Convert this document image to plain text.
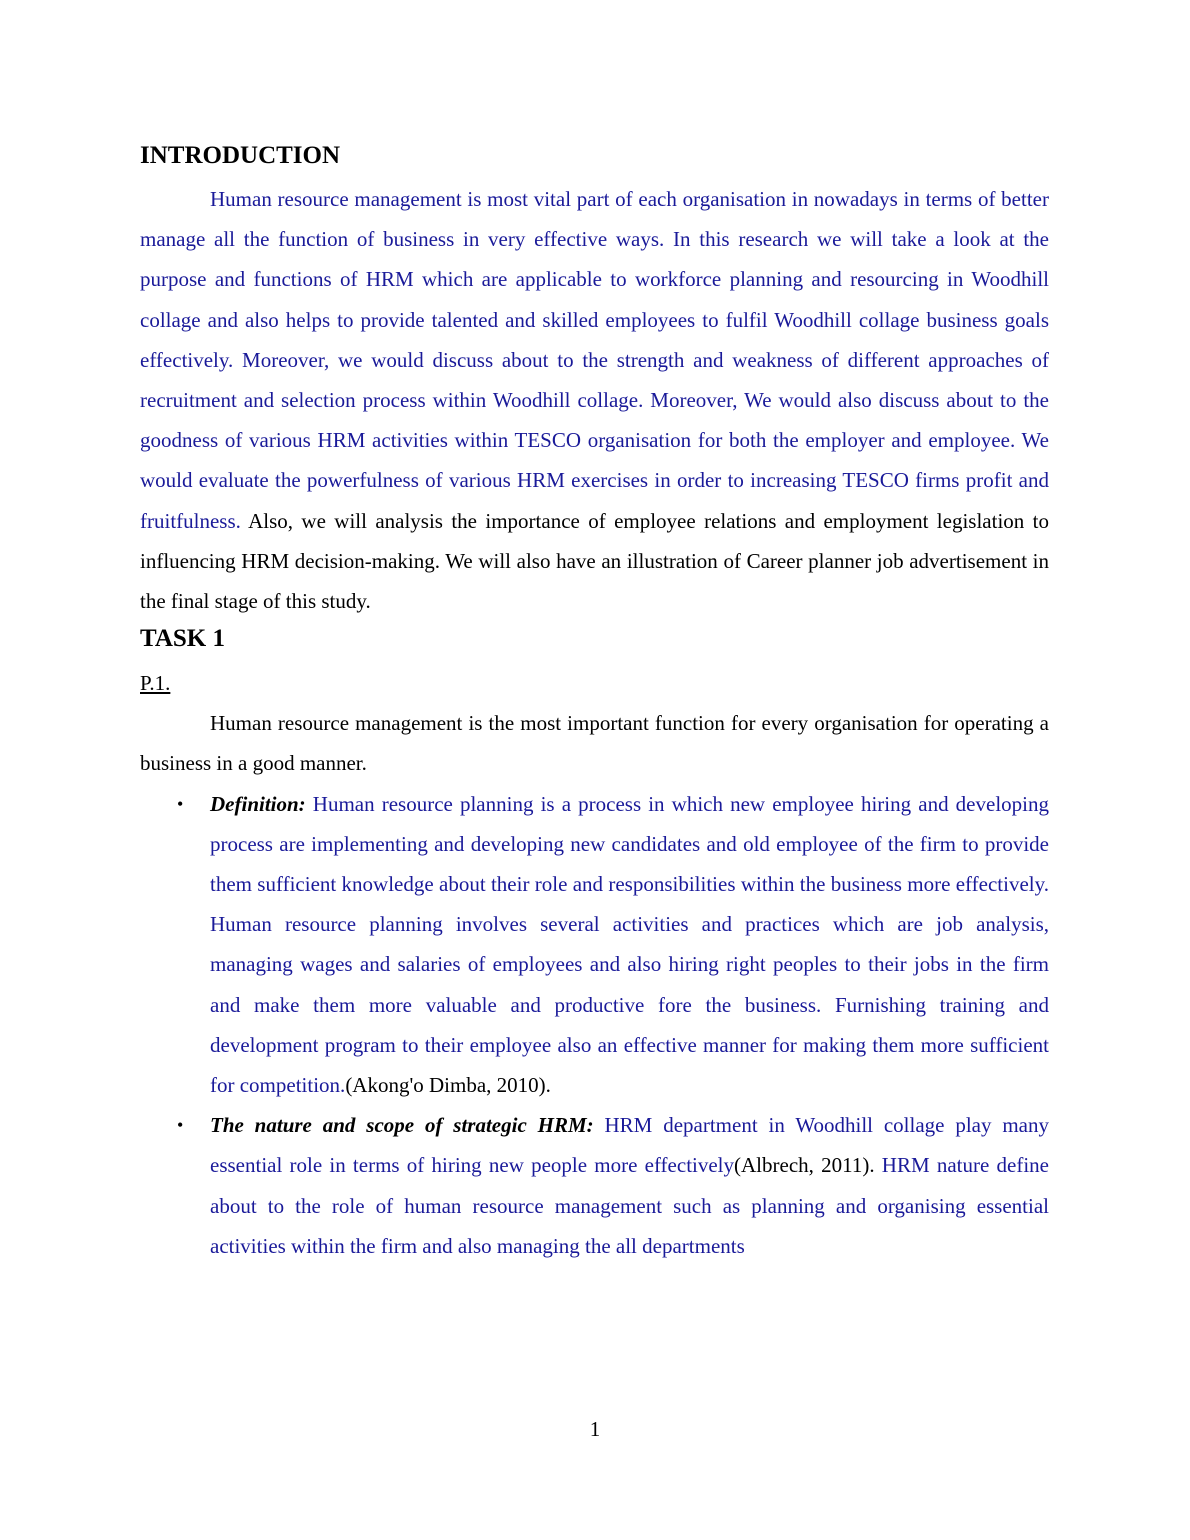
INTRODUCTION

Human resource management is most vital part of each organisation in nowadays in terms of better manage all the function of business in very effective ways. In this research we will take a look at the purpose and functions of HRM which are applicable to workforce planning and resourcing in Woodhill collage and also helps to provide talented and skilled employees to fulfil Woodhill collage business goals effectively. Moreover, we would discuss about to the strength and weakness of different approaches of recruitment and selection process within Woodhill collage. Moreover, We would also discuss about to the goodness of various HRM activities within TESCO organisation for both the employer and employee. We would evaluate the powerfulness of various HRM exercises in order to increasing TESCO firms profit and fruitfulness. Also, we will analysis the importance of employee relations and employment legislation to influencing HRM decision-making. We will also have an illustration of Career planner job advertisement in the final stage of this study.

TASK 1

P.1.

Human resource management is the most important function for every organisation for operating a business in a good manner.

• Definition: Human resource planning is a process in which new employee hiring and developing process are implementing and developing new candidates and old employee of the firm to provide them sufficient knowledge about their role and responsibilities within the business more effectively. Human resource planning involves several activities and practices which are job analysis, managing wages and salaries of employees and also hiring right peoples to their jobs in the firm and make them more valuable and productive fore the business. Furnishing training and development program to their employee also an effective manner for making them more sufficient for competition.(Akong'o Dimba, 2010).
• The nature and scope of strategic HRM: HRM department in Woodhill collage play many essential role in terms of hiring new people more effectively(Albrech, 2011). HRM nature define about to the role of human resource management such as planning and organising essential activities within the firm and also managing the all departments
1
